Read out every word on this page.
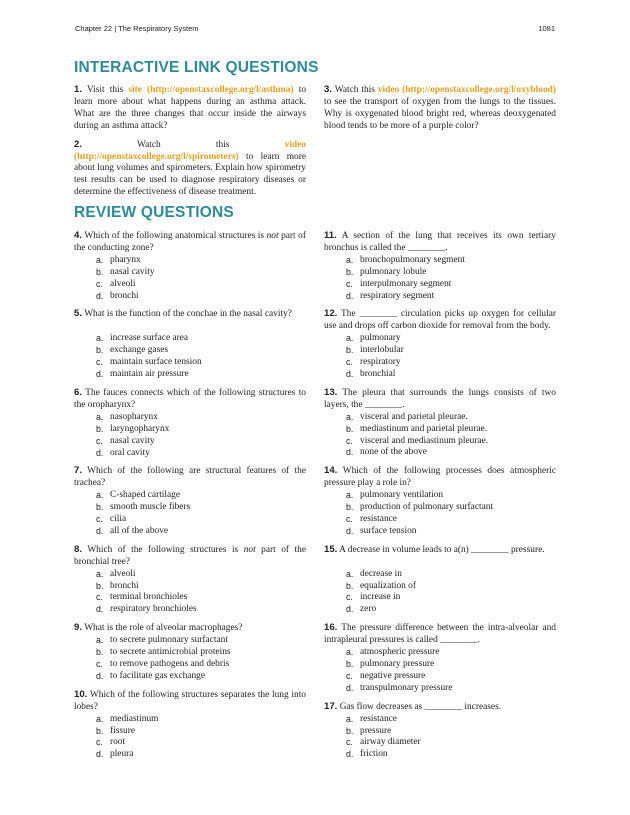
Chapter 22 | The Respiratory System	1081
INTERACTIVE LINK QUESTIONS

1. Visit this site (http://openstaxcollege.org/l/asthma) to learn more about what happens during an asthma attack. What are the three changes that occur inside the airways during an asthma attack?

2. Watch this video (http://openstaxcollege.org/l/spirometers) to learn more about lung volumes and spirometers. Explain how spirometry test results can be used to diagnose respiratory diseases or determine the effectiveness of disease treatment.

3. Watch this video (http://openstaxcollege.org/l/oxyblood) to see the transport of oxygen from the lungs to the tissues. Why is oxygenated blood bright red, whereas deoxygenated blood tends to be more of a purple color?

REVIEW QUESTIONS

4. Which of the following anatomical structures is not part of the conducting zone?

a. pharynx
b. nasal cavity
c. alveoli
d. bronchi

5. What is the function of the conchae in the nasal cavity?

a. increase surface area
b. exchange gases
c. maintain surface tension
d. maintain air pressure

6. The fauces connects which of the following structures to the oropharynx?

a. nasopharynx
b. laryngopharynx
c. nasal cavity
d. oral cavity

7. Which of the following are structural features of the trachea?

a. C-shaped cartilage
b. smooth muscle fibers
c. cilia
d. all of the above

8. Which of the following structures is not part of the bronchial tree?

a. alveoli
b. bronchi
c. terminal bronchioles
d. respiratory bronchioles

9. What is the role of alveolar macrophages?

a. to secrete pulmonary surfactant
b. to secrete antimicrobial proteins
c. to remove pathogens and debris
d. to facilitate gas exchange

10. Which of the following structures separates the lung into lobes?

a. mediastinum
b. fissure
c. root
d. pleura

11. A section of the lung that receives its own tertiary bronchus is called the ________.

a. bronchopulmonary segment
b. pulmonary lobule
c. interpulmonary segment
d. respiratory segment

12. The ________ circulation picks up oxygen for cellular use and drops off carbon dioxide for removal from the body.

a. pulmonary
b. interlobular
c. respiratory
d. bronchial

13. The pleura that surrounds the lungs consists of two layers, the ________.

a. visceral and parietal pleurae.
b. mediastinum and parietal pleurae.
c. visceral and mediastinum pleurae.
d. none of the above

14. Which of the following processes does atmospheric pressure play a role in?

a. pulmonary ventilation
b. production of pulmonary surfactant
c. resistance
d. surface tension

15. A decrease in volume leads to a(n) ________ pressure.

a. decrease in
b. equalization of
c. increase in
d. zero

16. The pressure difference between the intra-alveolar and intrapleural pressures is called ________.

a. atmospheric pressure
b. pulmonary pressure
c. negative pressure
d. transpulmonary pressure

17. Gas flow decreases as ________ increases.

a. resistance
b. pressure
c. airway diameter
d. friction
